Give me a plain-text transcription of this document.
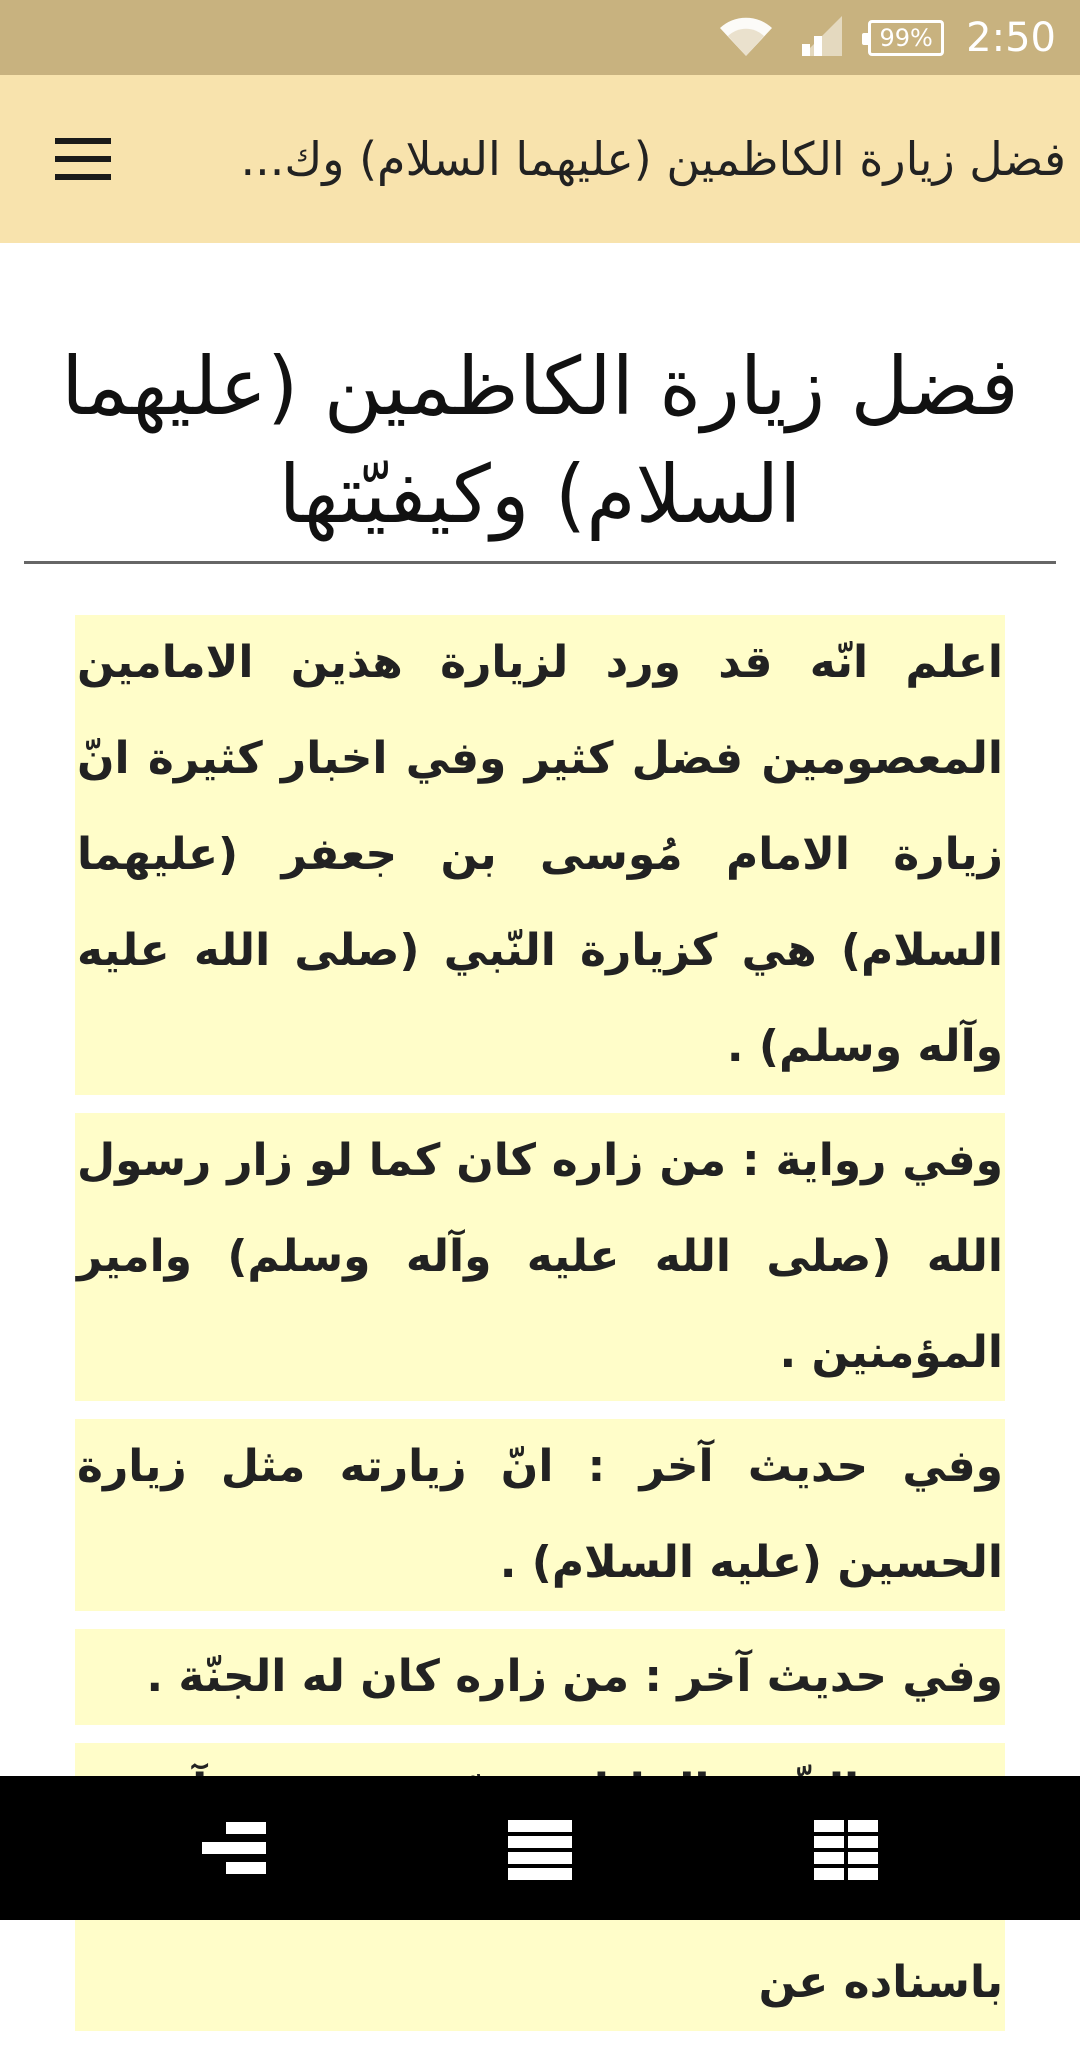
99% 2:50
فضل زيارة الكاظمين (عليهما السلام) وك...
فضل زيارة الكاظمين (عليهما السلام) وكيفيّتها
اعلم انّه قد ورد لزيارة هذين الامامين المعصومين فضل كثير وفي اخبار كثيرة انّ زيارة الامام مُوسى بن جعفر (عليهما السلام) هي كزيارة النّبي (صلى الله عليه وآله وسلم) .
وفي رواية : من زاره كان كما لو زار رسول الله (صلى الله عليه وآله وسلم) وامير المؤمنين .
وفي حديث آخر : انّ زيارته مثل زيارة الحسين (عليه السلام) .
وفي حديث آخر : من زاره كان له الجنّة .
باسناده عن
